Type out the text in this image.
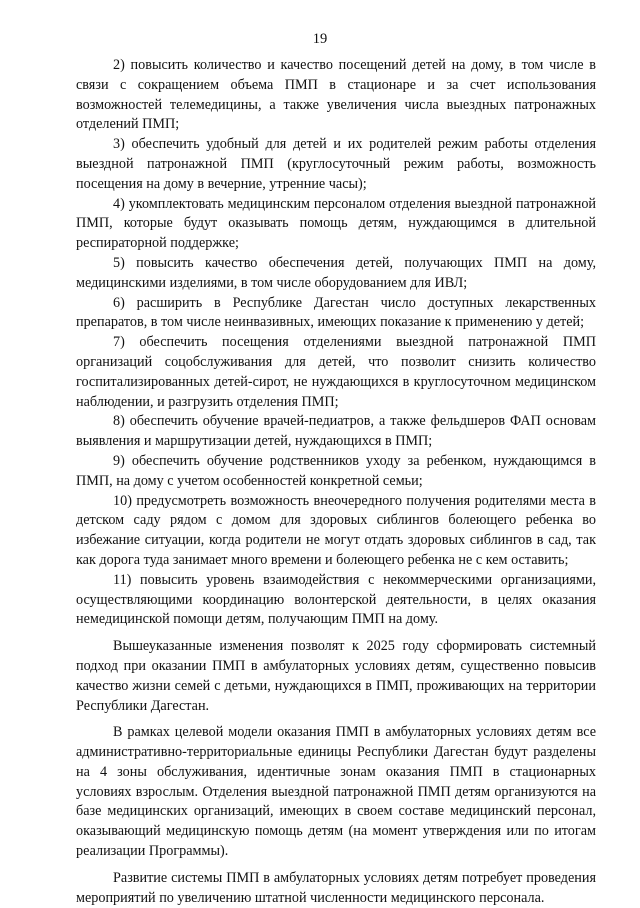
19

2) повысить количество и качество посещений детей на дому, в том числе в связи с сокращением объема ПМП в стационаре и за счет использования возможностей телемедицины, а также увеличения числа выездных патронажных отделений ПМП;

3) обеспечить удобный для детей и их родителей режим работы отделения выездной патронажной ПМП (круглосуточный режим работы, возможность посещения на дому в вечерние, утренние часы);

4) укомплектовать медицинским персоналом отделения выездной патронажной ПМП, которые будут оказывать помощь детям, нуждающимся в длительной респираторной поддержке;

5) повысить качество обеспечения детей, получающих ПМП на дому, медицинскими изделиями, в том числе оборудованием для ИВЛ;

6) расширить в Республике Дагестан число доступных лекарственных препаратов, в том числе неинвазивных, имеющих показание к применению у детей;

7) обеспечить посещения отделениями выездной патронажной ПМП организаций соцобслуживания для детей, что позволит снизить количество госпитализированных детей-сирот, не нуждающихся в круглосуточном медицинском наблюдении, и разгрузить отделения ПМП;

8) обеспечить обучение врачей-педиатров, а также фельдшеров ФАП основам выявления и маршрутизации детей, нуждающихся в ПМП;

9) обеспечить обучение родственников уходу за ребенком, нуждающимся в ПМП, на дому с учетом особенностей конкретной семьи;

10) предусмотреть возможность внеочередного получения родителями места в детском саду рядом с домом для здоровых сиблингов болеющего ребенка во избежание ситуации, когда родители не могут отдать здоровых сиблингов в сад, так как дорога туда занимает много времени и болеющего ребенка не с кем оставить;

11) повысить уровень взаимодействия с некоммерческими организациями, осуществляющими координацию волонтерской деятельности, в целях оказания немедицинской помощи детям, получающим ПМП на дому.

Вышеуказанные изменения позволят к 2025 году сформировать системный подход при оказании ПМП в амбулаторных условиях детям, существенно повысив качество жизни семей с детьми, нуждающихся в ПМП, проживающих на территории Республики Дагестан.

В рамках целевой модели оказания ПМП в амбулаторных условиях детям все административно-территориальные единицы Республики Дагестан будут разделены на 4 зоны обслуживания, идентичные зонам оказания ПМП в стационарных условиях взрослым. Отделения выездной патронажной ПМП детям организуются на базе медицинских организаций, имеющих в своем составе медицинский персонал, оказывающий медицинскую помощь детям (на момент утверждения или по итогам реализации Программы).

Развитие системы ПМП в амбулаторных условиях детям потребует проведения мероприятий по увеличению штатной численности медицинского персонала.
